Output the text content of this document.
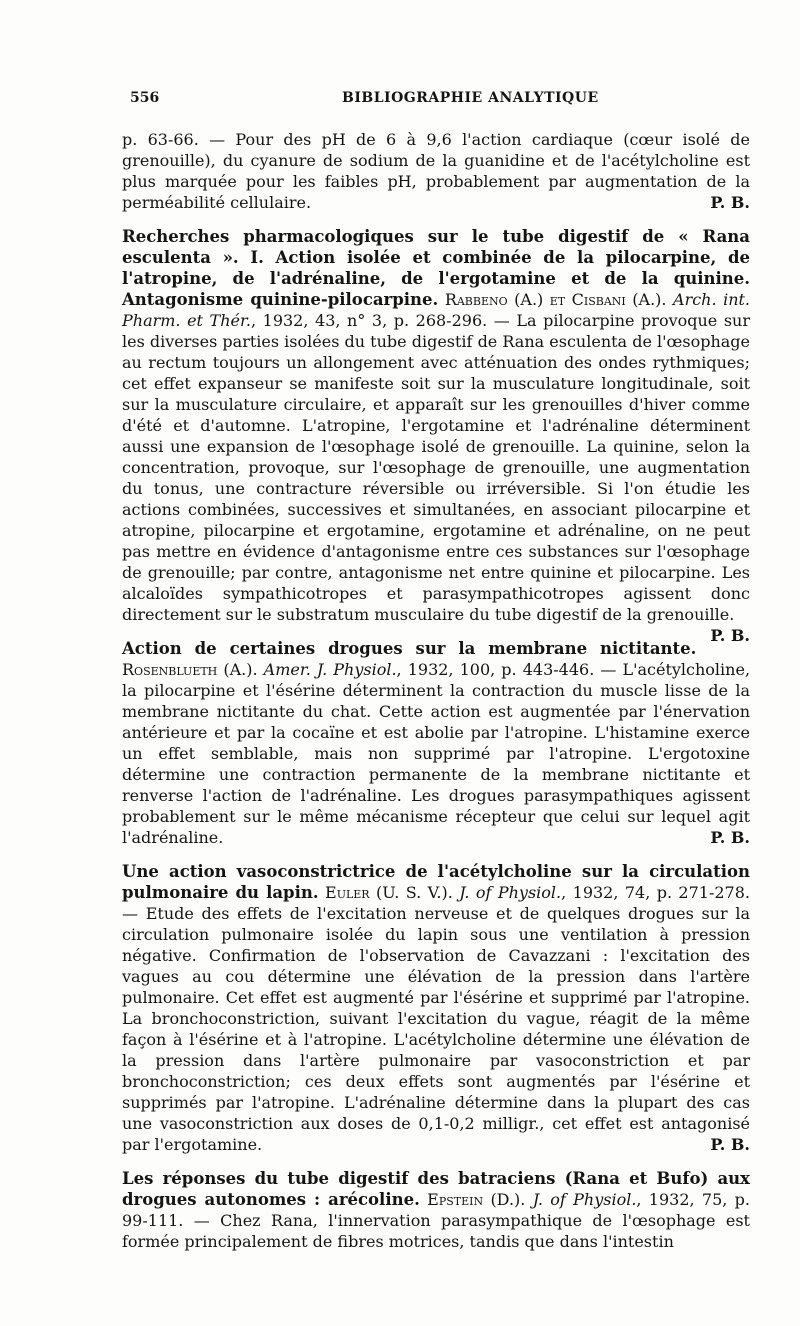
556	BIBLIOGRAPHIE ANALYTIQUE

p. 63-66. — Pour des pH de 6 à 9,6 l'action cardiaque (cœur isolé de grenouille), du cyanure de sodium de la guanidine et de l'acétylcholine est plus marquée pour les faibles pH, probablement par augmentation de la perméabilité cellulaire.	P. B.

Recherches pharmacologiques sur le tube digestif de « Rana esculenta ». I. Action isolée et combinée de la pilocarpine, de l'atropine, de l'adrénaline, de l'ergotamine et de la quinine. Antagonisme quinine-pilocarpine. Rabbeno (A.) et Cisbani (A.). Arch. int. Pharm. et Thér., 1932, 43, n° 3, p. 268-296. — La pilocarpine provoque sur les diverses parties isolées du tube digestif de Rana esculenta de l'œsophage au rectum toujours un allongement avec atténuation des ondes rythmiques; cet effet expanseur se manifeste soit sur la musculature longitudinale, soit sur la musculature circulaire, et apparaît sur les grenouilles d'hiver comme d'été et d'automne. L'atropine, l'ergotamine et l'adrénaline déterminent aussi une expansion de l'œsophage isolé de grenouille. La quinine, selon la concentration, provoque, sur l'œsophage de grenouille, une augmentation du tonus, une contracture réversible ou irréversible. Si l'on étudie les actions combinées, successives et simultanées, en associant pilocarpine et atropine, pilocarpine et ergotamine, ergotamine et adrénaline, on ne peut pas mettre en évidence d'antagonisme entre ces substances sur l'œsophage de grenouille; par contre, antagonisme net entre quinine et pilocarpine. Les alcaloïdes sympathicotropes et parasympathicotropes agissent donc directement sur le substratum musculaire du tube digestif de la grenouille.
P. B.

Action de certaines drogues sur la membrane nictitante. Rosenblueth (A.). Amer. J. Physiol., 1932, 100, p. 443-446. — L'acétylcholine, la pilocarpine et l'ésérine déterminent la contraction du muscle lisse de la membrane nictitante du chat. Cette action est augmentée par l'énervation antérieure et par la cocaïne et est abolie par l'atropine. L'histamine exerce un effet semblable, mais non supprimé par l'atropine. L'ergotoxine détermine une contraction permanente de la membrane nictitante et renverse l'action de l'adrénaline. Les drogues parasympathiques agissent probablement sur le même mécanisme récepteur que celui sur lequel agit l'adrénaline.	P. B.

Une action vasoconstrictrice de l'acétylcholine sur la circulation pulmonaire du lapin. Euler (U. S. V.). J. of Physiol., 1932, 74, p. 271-278. — Etude des effets de l'excitation nerveuse et de quelques drogues sur la circulation pulmonaire isolée du lapin sous une ventilation à pression négative. Confirmation de l'observation de Cavazzani : l'excitation des vagues au cou détermine une élévation de la pression dans l'artère pulmonaire. Cet effet est augmenté par l'ésérine et supprimé par l'atropine. La bronchoconstriction, suivant l'excitation du vague, réagit de la même façon à l'ésérine et à l'atropine. L'acétylcholine détermine une élévation de la pression dans l'artère pulmonaire par vasoconstriction et par bronchoconstriction; ces deux effets sont augmentés par l'ésérine et supprimés par l'atropine. L'adrénaline détermine dans la plupart des cas une vasoconstriction aux doses de 0,1-0,2 milligr., cet effet est antagonisé par l'ergotamine.	P. B.

Les réponses du tube digestif des batraciens (Rana et Bufo) aux drogues autonomes : arécoline. Epstein (D.). J. of Physiol., 1932, 75, p. 99-111. — Chez Rana, l'innervation parasympathique de l'œsophage est formée principalement de fibres motrices, tandis que dans l'intestin
